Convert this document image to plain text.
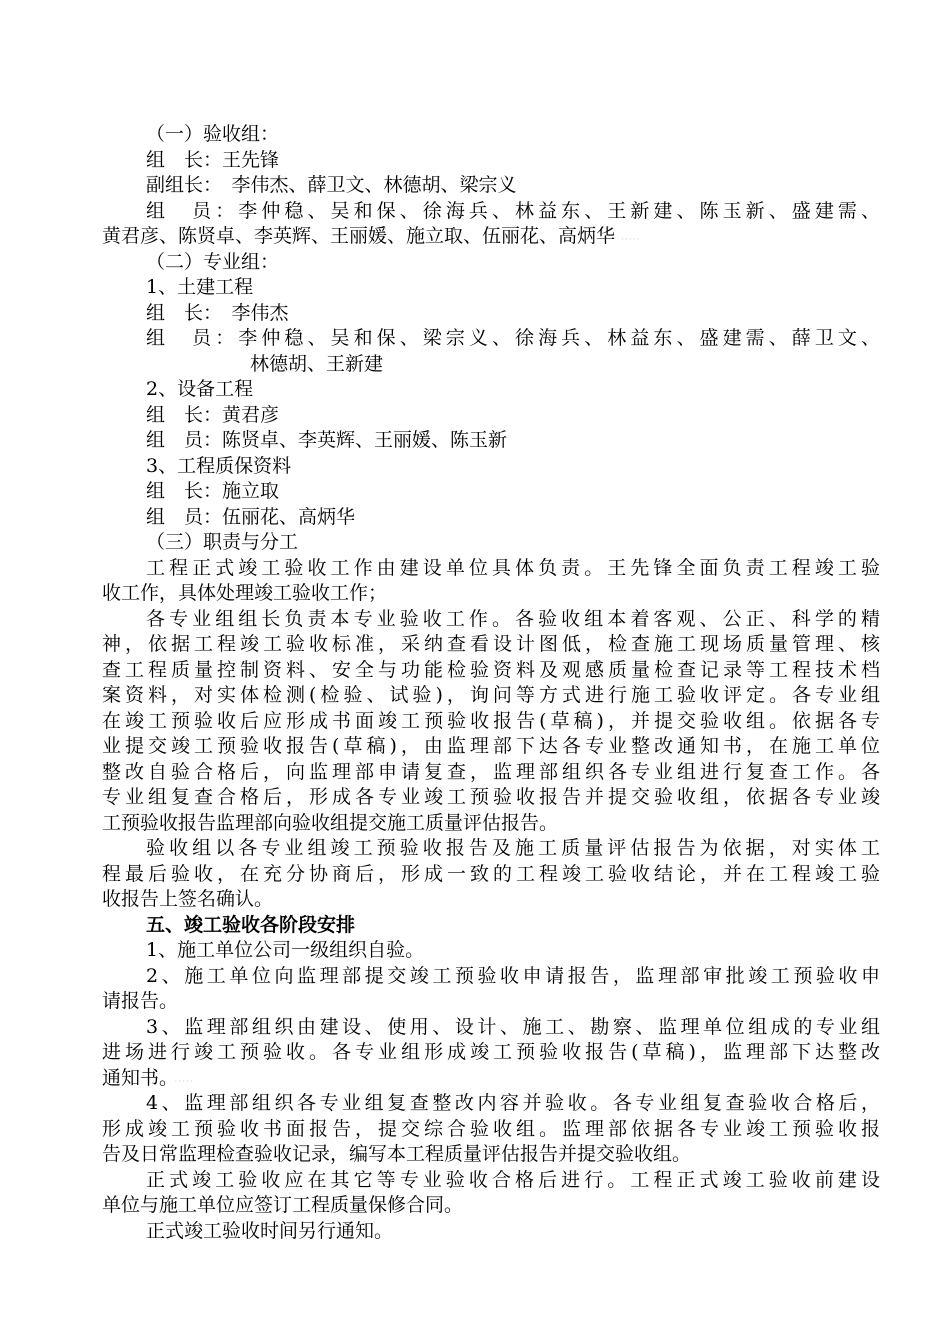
（一）验收组：
组　长：王先锋
副组长：　李伟杰、薛卫文、林德胡、梁宗义
组　员：李仲稳、吴和保、徐海兵、林益东、王新建、陈玉新、盛建需、
黄君彦、陈贤卓、李英辉、王丽媛、施立取、伍丽花、高炳华 ·····
（二）专业组：
1、土建工程
组　长：　李伟杰
组　员：李仲稳、吴和保、梁宗义、徐海兵、林益东、盛建需、薛卫文、
林德胡、王新建
2、设备工程
组　长：黄君彦
组　员：陈贤卓、李英辉、王丽媛、陈玉新
3、工程质保资料
组　长：施立取
组　员：伍丽花、高炳华
（三）职责与分工
工程正式竣工验收工作由建设单位具体负责。王先锋全面负责工程竣工验
收工作，具体处理竣工验收工作；
各专业组组长负责本专业验收工作。各验收组本着客观、公正、科学的精
神，依据工程竣工验收标准，采纳查看设计图低，检查施工现场质量管理、核
查工程质量控制资料、安全与功能检验资料及观感质量检查记录等工程技术档
案资料，对实体检测(检验、试验)，询问等方式进行施工验收评定。各专业组
在竣工预验收后应形成书面竣工预验收报告(草稿)，并提交验收组。依据各专
业提交竣工预验收报告(草稿)，由监理部下达各专业整改通知书，在施工单位
整改自验合格后，向监理部申请复查，监理部组织各专业组进行复查工作。各
专业组复查合格后，形成各专业竣工预验收报告并提交验收组，依据各专业竣
工预验收报告监理部向验收组提交施工质量评估报告。
验收组以各专业组竣工预验收报告及施工质量评估报告为依据，对实体工
程最后验收，在充分协商后，形成一致的工程竣工验收结论，并在工程竣工验
收报告上签名确认。
五、竣工验收各阶段安排
1、施工单位公司一级组织自验。
2、施工单位向监理部提交竣工预验收申请报告，监理部审批竣工预验收申
请报告。
3、监理部组织由建设、使用、设计、施工、勘察、监理单位组成的专业组
进场进行竣工预验收。各专业组形成竣工预验收报告(草稿)，监理部下达整改
通知书。 ·····
4、监理部组织各专业组复查整改内容并验收。各专业组复查验收合格后，
形成竣工预验收书面报告，提交综合验收组。监理部依据各专业竣工预验收报
告及日常监理检查验收记录，编写本工程质量评估报告并提交验收组。
正式竣工验收应在其它等专业验收合格后进行。工程正式竣工验收前建设
单位与施工单位应签订工程质量保修合同。
正式竣工验收时间另行通知。
